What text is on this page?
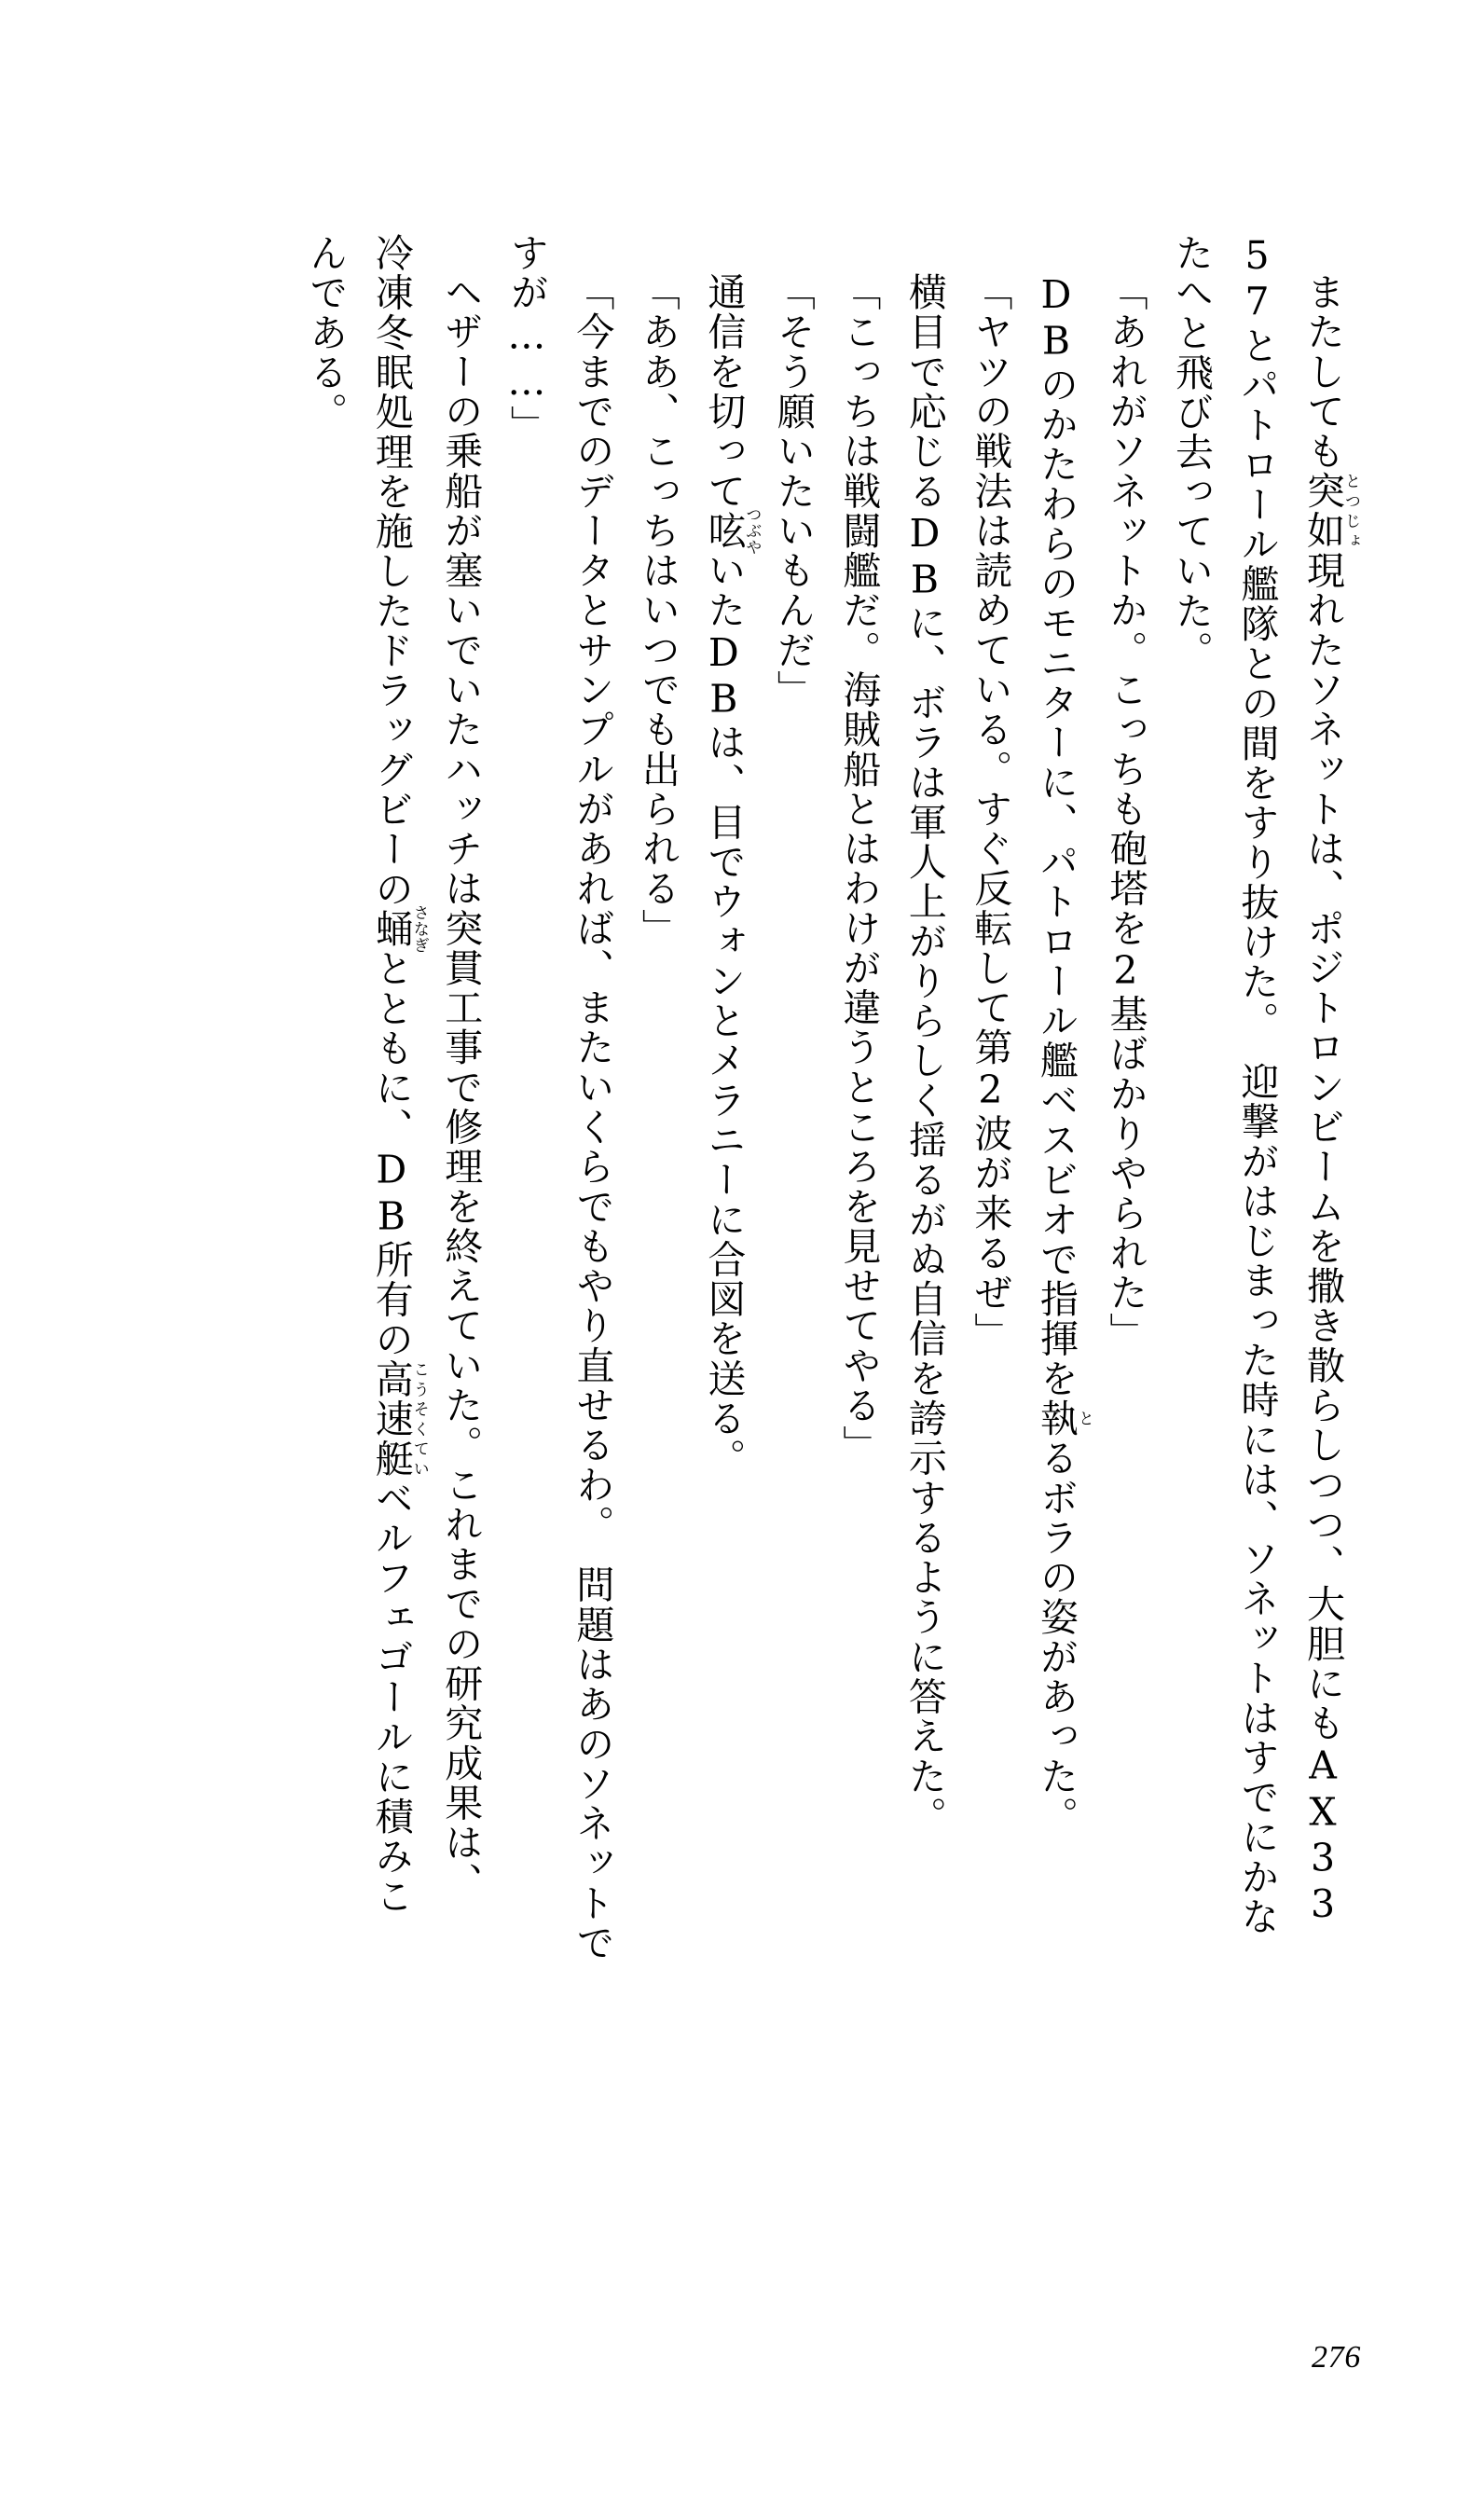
またしても突如とつじょ現れたソネットは、ポジトロンビームを撒き散らしつつ、大胆にもAX33

57とパトロール艦隊との間をすり抜けた。　迎撃がはじまった時には、ソネットはすでにかな

たへと飛び去っていた。

「あれがソネットか。こっちも砲塔を2基ばかりやられた」

DBのかたわらのモニターに、パトロール艦ベスビオで指揮を執とるボラの姿があった。

「ヤツの戦法は読めている。すぐ反転して第2波が来るぜ」

横目で応じるDBに、ボラは軍人上がりらしく揺るがぬ自信を誇示するように答えた。

「こっちは戦闘艦だ。海賊船とはわけが違うところを見せてやる」

「そう願いたいもんだ」

通信を切って呟つぶやいたDBは、目でウォンとメラニーに合図を送る。

「ああ、こっちはいつでも出られる」

「今までのデータとサンプルがあれば、またいくらでもやり直せるわ。　問題はあのソネットで

すが……」

ヘザーの乗船が塞いでいたハッチは突貫工事で修理を終えていた。これまでの研究成果は、

冷凍冬眠処理を施したドラッグビーの蛹さなぎとともに、DB所有の高速艇こうそくていベルフェゴールに積みこ

んである。

276
